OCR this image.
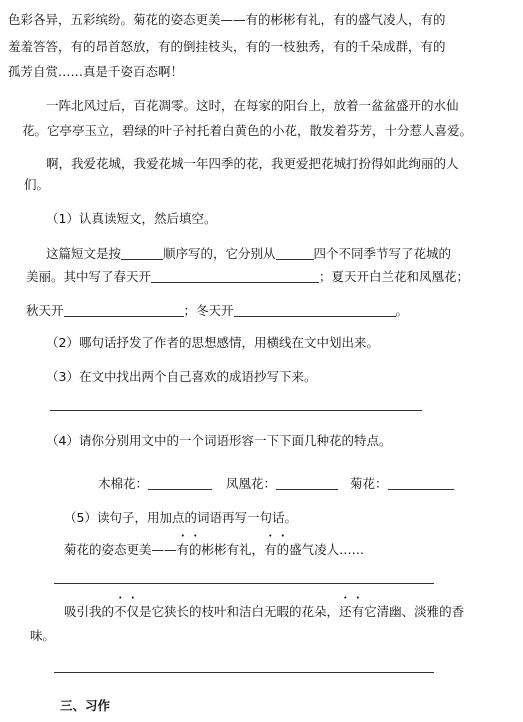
色彩各异，五彩缤纷。菊花的姿态更美——有的彬彬有礼，有的盛气凌人，有的
羞羞答答，有的昂首怒放，有的倒挂枝头，有的一枝独秀，有的千朵成群，有的
孤芳自赏……真是千姿百态啊！
一阵北风过后，百花凋零。这时，在每家的阳台上，放着一盆盆盛开的水仙
花。它亭亭玉立，碧绿的叶子衬托着白黄色的小花，散发着芬芳，十分惹人喜爱。
啊，我爱花城，我爱花城一年四季的花，我更爱把花城打扮得如此绚丽的人
们。
（1）认真读短文，然后填空。
这篇短文是按	顺序写的，它分别从	四个不同季节写了花城的
美丽。其中写了春天开	；夏天开白兰花和凤凰花；
秋天开	；冬天开	。
（2）哪句话抒发了作者的思想感情，用横线在文中划出来。
（3）在文中找出两个自己喜欢的成语抄写下来。
（4）请你分别用文中的一个词语形容一下下面几种花的特点。
木棉花：	凤凰花：	菊花：
（5）读句子，用加点的词语再写一句话。
菊花的姿态更美——有的彬彬有礼，有的盛气凌人……
吸引我的不仅是它狭长的枝叶和洁白无暇的花朵，还有它清幽、淡雅的香
味。
三、习作
